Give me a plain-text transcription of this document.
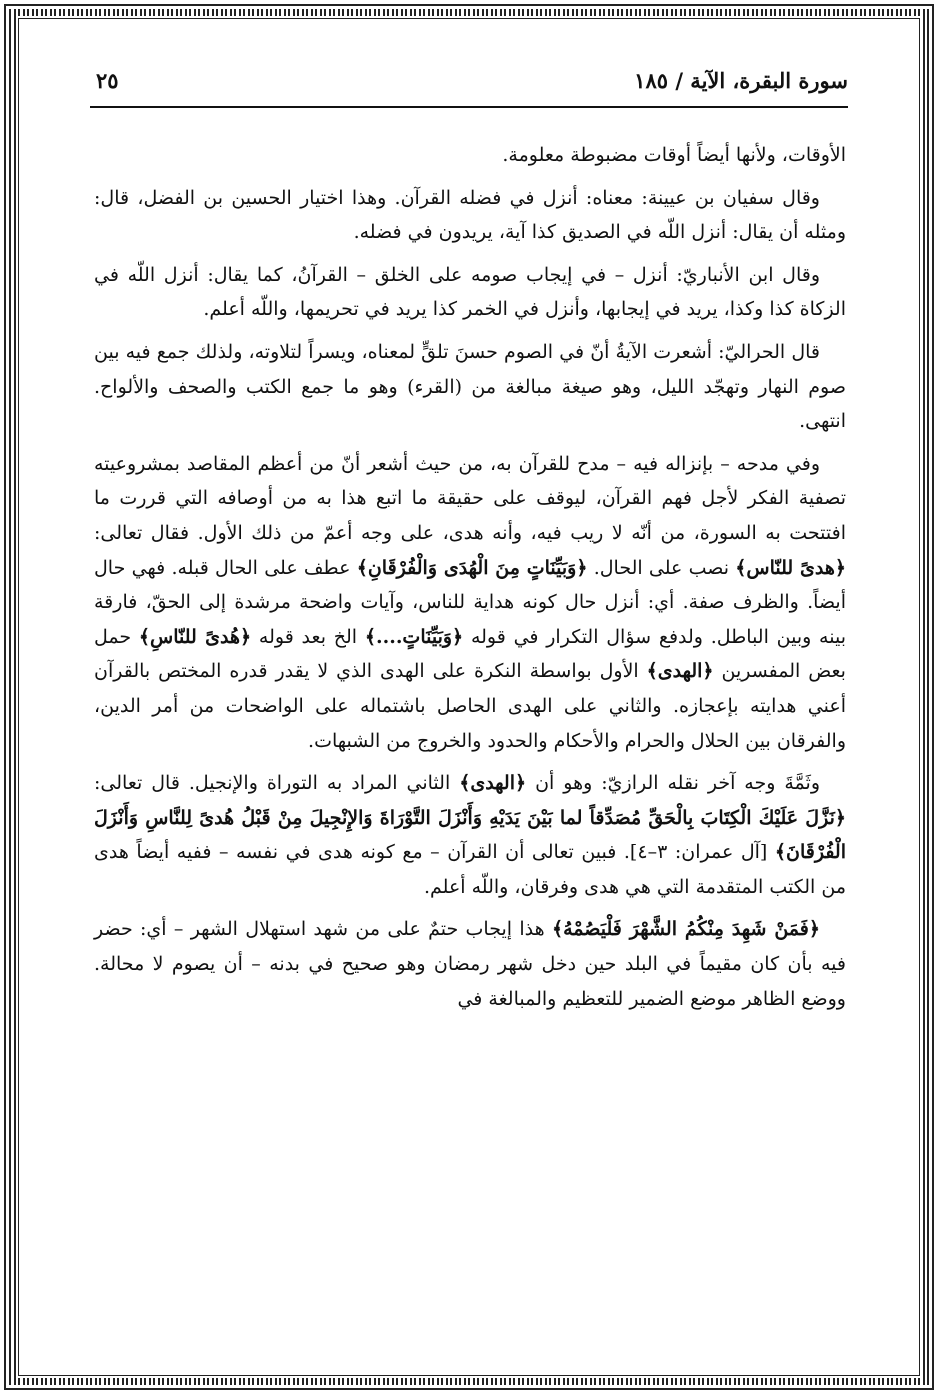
سورة البقرة، الآية / ١٨٥
٢٥

الأوقات، ولأنها أيضاً أوقات مضبوطة معلومة.

وقال سفيان بن عيينة: معناه: أنزل في فضله القرآن. وهذا اختيار الحسين بن الفضل، قال: ومثله أن يقال: أنزل اللّه في الصديق كذا آية، يريدون في فضله.

وقال ابن الأنباريّ: أنزل – في إيجاب صومه على الخلق – القرآنُ، كما يقال: أنزل اللّه في الزكاة كذا وكذا، يريد في إيجابها، وأنزل في الخمر كذا يريد في تحريمها، واللّه أعلم.

قال الحراليّ: أشعرت الآيةُ أنّ في الصوم حسنَ تلقٍّ لمعناه، ويسراً لتلاوته، ولذلك جمع فيه بين صوم النهار وتهجّد الليل، وهو صيغة مبالغة من (القرء) وهو ما جمع الكتب والصحف والألواح. انتهى.

وفي مدحه – بإنزاله فيه – مدح للقرآن به، من حيث أشعر أنّ من أعظم المقاصد بمشروعيته تصفية الفكر لأجل فهم القرآن، ليوقف على حقيقة ما اتبع هذا به من أوصافه التي قررت ما افتتحت به السورة، من أنّه لا ريب فيه، وأنه هدى، على وجه أعمّ من ذلك الأول. فقال تعالى: ﴿هدىً للنّاس﴾ نصب على الحال. ﴿وَبَيِّنَاتٍ مِنَ الْهُدَى وَالْفُرْقَانِ﴾ عطف على الحال قبله. فهي حال أيضاً. والظرف صفة. أي: أنزل حال كونه هداية للناس، وآيات واضحة مرشدة إلى الحقّ، فارقة بينه وبين الباطل. ولدفع سؤال التكرار في قوله ﴿وَبَيِّنَاتٍ....﴾ الخ بعد قوله ﴿هُدىً للنّاسِ﴾ حمل بعض المفسرين ﴿الهدى﴾ الأول بواسطة النكرة على الهدى الذي لا يقدر قدره المختص بالقرآن أعني هدايته بإعجازه. والثاني على الهدى الحاصل باشتماله على الواضحات من أمر الدين، والفرقان بين الحلال والحرام والأحكام والحدود والخروج من الشبهات.

وثَمَّةَ وجه آخر نقله الرازيّ: وهو أن ﴿الهدى﴾ الثاني المراد به التوراة والإنجيل. قال تعالى: ﴿نَزَّلَ عَلَيْكَ الْكِتَابَ بِالْحَقِّ مُصَدِّقاً لما بَيْنَ يَدَيْهِ وَأَنْزَلَ التَّوْرَاةَ وَالإِنْجِيلَ مِنْ قَبْلُ هُدىً لِلنَّاسِ وَأَنْزَلَ الْفُرْقَانَ﴾ [آل عمران: ٣–٤]. فبين تعالى أن القرآن – مع كونه هدى في نفسه – ففيه أيضاً هدى من الكتب المتقدمة التي هي هدى وفرقان، واللّه أعلم.

﴿فَمَنْ شَهِدَ مِنْكُمُ الشَّهْرَ فَلْيَصُمْهُ﴾ هذا إيجاب حتمٌ على من شهد استهلال الشهر – أي: حضر فيه بأن كان مقيماً في البلد حين دخل شهر رمضان وهو صحيح في بدنه – أن يصوم لا محالة. ووضع الظاهر موضع الضمير للتعظيم والمبالغة في
